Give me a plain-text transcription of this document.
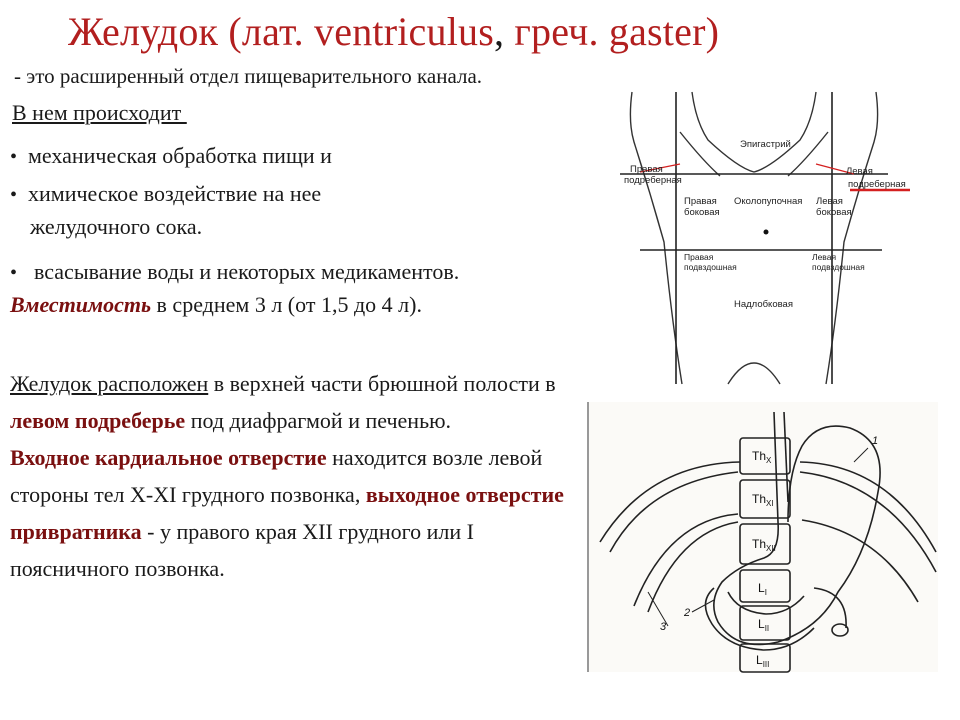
Желудок (лат. ventriculus, греч. gaster)
- это расширенный отдел пищеварительного канала.
В нем происходит
• механическая обработка пищи и
• химическое воздействие на нее
желудочного сока.
• всасывание воды и некоторых медикаментов.
Вместимость в среднем 3 л (от 1,5 до 4 л).
Желудок расположен в верхней части брюшной полости в левом подреберье под диафрагмой и печенью.
Входное кардиальное отверстие находится возле левой стороны тел X-XI грудного позвонка, выходное отверстие привратника - у правого края XII грудного или I поясничного позвонка.
Эпигастрий
Правая
подреберная
Левая
подреберная
Правая
боковая
Околопупочная Левая
боковая
Правая
подвздошная
Левая
подвздошная
Надлобковая
1
2
3
$Th_X$
$Th_{XI}$
$Th_{XII}$
$L_I$
$L_{II}$
$L_{III}$
